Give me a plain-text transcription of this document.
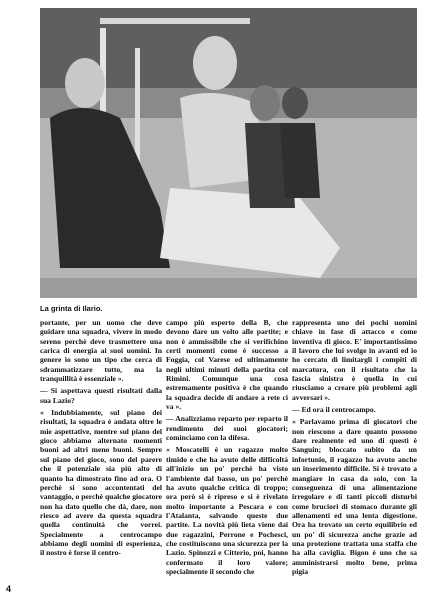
La grinta di Ilario.

portante, per un uomo che deve guidare una squadra, vivere in modo sereno perchè deve trasmettere una carica di energia ai suoi uomini. In genere io sono un tipo che cerca di sdrammatizzare tutto, ma la tranquillità è essenziale ».

— Si aspettava questi risultati dalla sua Lazio?

« Indubbiamente, sul piano dei risultati, la squadra è andata oltre le mie aspettative, mentre sul piano del gioco abbiamo alternato momenti buoni ad altri meno buoni. Sempre sul piano del gioco, sono del parere che il potenziale sia più alto di quanto ha dimostrato fino ad ora. O perchè si sono accontentati del vantaggio, o perchè qualche giocatore non ha dato quello che dà, dare, non riesco ad avere da questa squadra quella continuità che vorrei. Specialmente a centrocampo abbiamo degli uomini di esperienza, il nostro è forse il centro-

campo più esperto della B, che devono dare un volto alle partite; e non è ammissibile che si verifichino certi momenti come è successo a Foggia, col Varese ed ultimamente negli ultimi minuti della partita col Rimini. Comunque una cosa estremamente positiva è che quando la squadra decide di andare a rete ci va ».

— Analizziamo reparto per reparto il rendimento dei suoi giocatori; cominciamo con la difesa.

« Moscatelli è un ragazzo molto timido e che ha avuto delle difficoltà all'inizio un po' perchè ha visto l'ambiente dal basso, un po' perchè ha avuto qualche critica di troppo; ora però si è ripreso e si è rivelato molto importante a Pescara e con l'Atalanta, salvando queste due partite. La novità più lieta viene dai due ragazzini, Perrone e Pochesci, che costituiscono una sicurezza per la Lazio. Spinozzi e Citterio, poi, hanno confermato il loro valore; specialmente il secondo che

rappresenta uno dei pochi uomini chiave in fase di attacco e come inventiva di gioco. E' importantissimo il lavoro che lui svolge in avanti ed io ho cercato di limitargli i compiti di marcatura, con il risultato che la fascia sinistra è quella in cui riusciamo a creare più problemi agli avversari ».

— Ed ora il centrocampo.

« Parlavamo prima di giocatori che non riescono a dare quanto possono dare realmente ed uno di questi è Sanguin; bloccato subito da un infortunio, il ragazzo ha avuto anche un inserimento difficile. Si è trovato a mangiare in casa da solo, con la conseguenza di una alimentazione irregolare e di tanti piccoli disturbi come bruciori di stomaco durante gli allenamenti ed una lenta digestione. Ora ha trovato un certo equilibrio ed un po' di sicurezza anche grazie ad una protezione trattata una staffa che ha alla caviglia. Bigon è uno che sa amministrarsi molto bene, prima pigia

4
